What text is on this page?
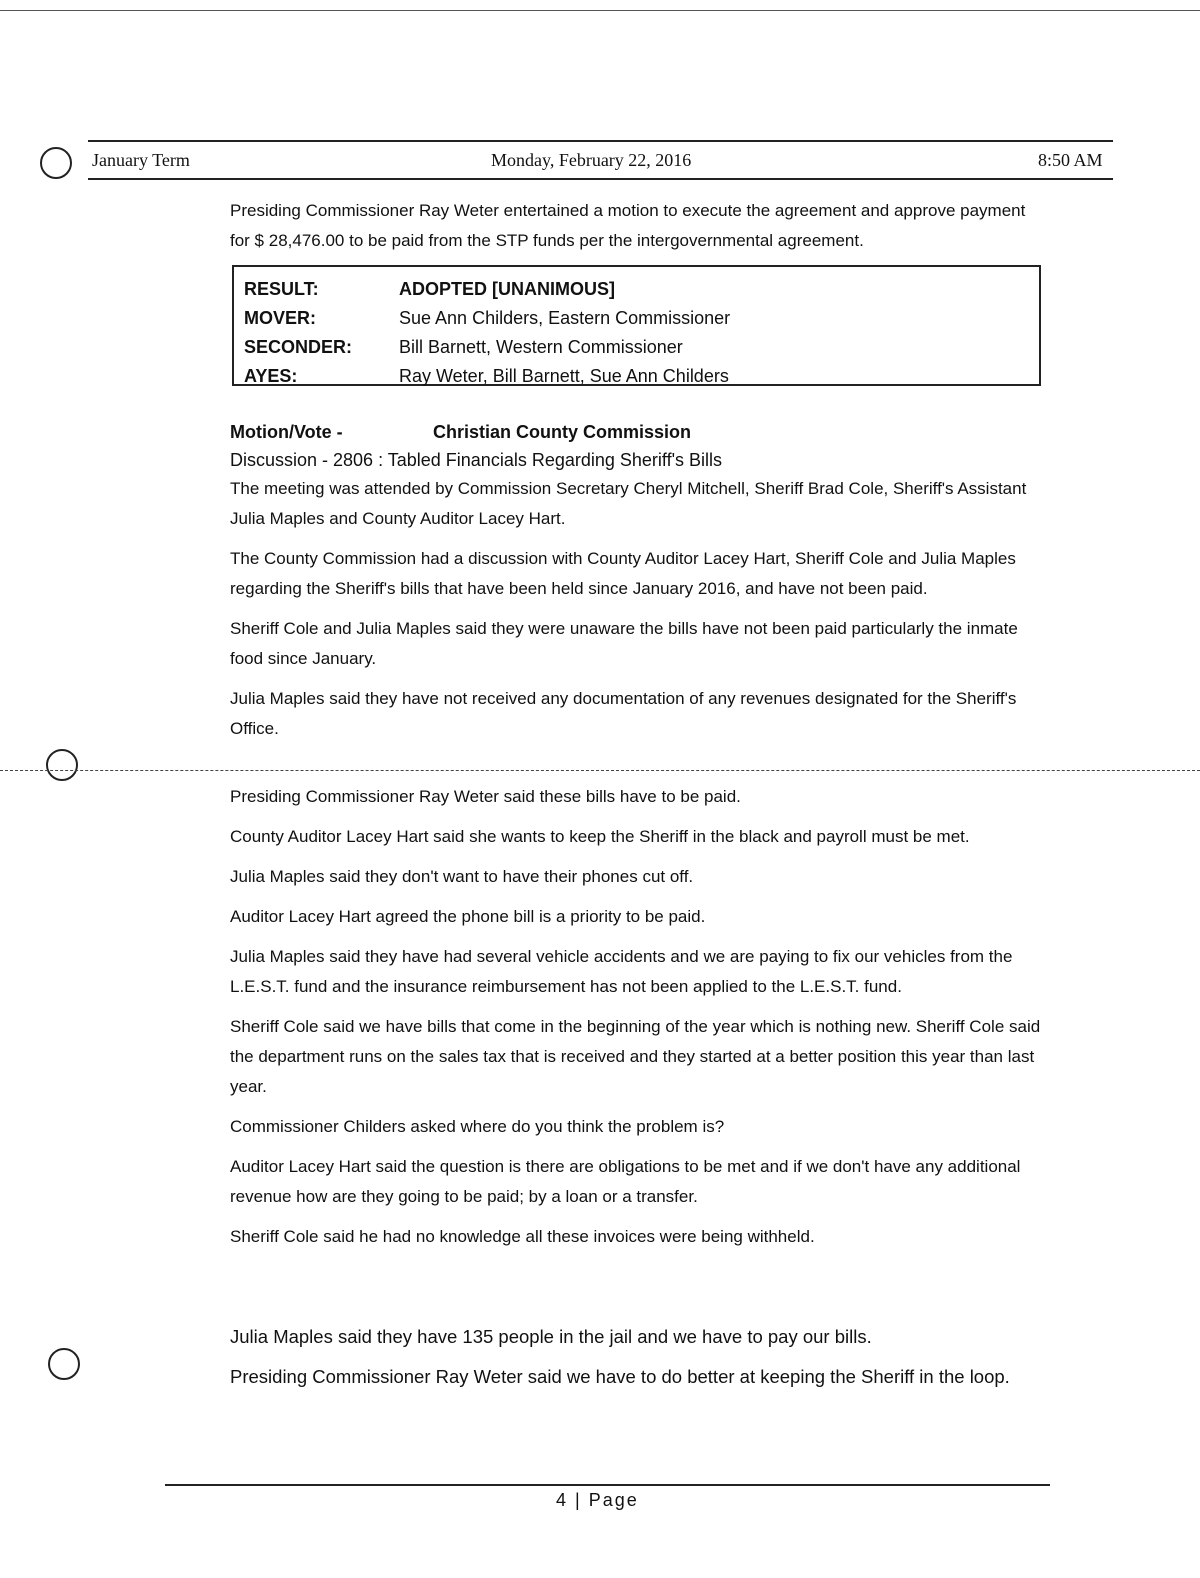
January Term	Monday, February 22, 2016	8:50 AM
Presiding Commissioner Ray Weter entertained a motion to execute the agreement and approve payment for $ 28,476.00 to be paid from the STP funds per the intergovernmental agreement.
RESULT:	ADOPTED [UNANIMOUS]
MOVER:	Sue Ann Childers, Eastern Commissioner
SECONDER:	Bill Barnett, Western Commissioner
AYES:	Ray Weter, Bill Barnett, Sue Ann Childers
Motion/Vote -	Christian County Commission
Discussion - 2806 : Tabled Financials Regarding Sheriff's Bills

The meeting was attended by Commission Secretary Cheryl Mitchell, Sheriff Brad Cole, Sheriff's Assistant Julia Maples and County Auditor Lacey Hart.

The County Commission had a discussion with County Auditor Lacey Hart, Sheriff Cole and Julia Maples regarding the Sheriff's bills that have been held since January 2016, and have not been paid.

Sheriff Cole and Julia Maples said they were unaware the bills have not been paid particularly the inmate food since January.

Julia Maples said they have not received any documentation of any revenues designated for the Sheriff's Office.

Presiding Commissioner Ray Weter said these bills have to be paid.

County Auditor Lacey Hart said she wants to keep the Sheriff in the black and payroll must be met.

Julia Maples said they don't want to have their phones cut off.

Auditor Lacey Hart agreed the phone bill is a priority to be paid.

Julia Maples said they have had several vehicle accidents and we are paying to fix our vehicles from the L.E.S.T. fund and the insurance reimbursement has not been applied to the L.E.S.T. fund.

Sheriff Cole said we have bills that come in the beginning of the year which is nothing new. Sheriff Cole said the department runs on the sales tax that is received and they started at a better position this year than last year.

Commissioner Childers asked where do you think the problem is?

Auditor Lacey Hart said the question is there are obligations to be met and if we don't have any additional revenue how are they going to be paid; by a loan or a transfer.

Sheriff Cole said he had no knowledge all these invoices were being withheld.

Julia Maples said they have 135 people in the jail and we have to pay our bills.

Presiding Commissioner Ray Weter said we have to do better at keeping the Sheriff in the loop.

4 | Page
